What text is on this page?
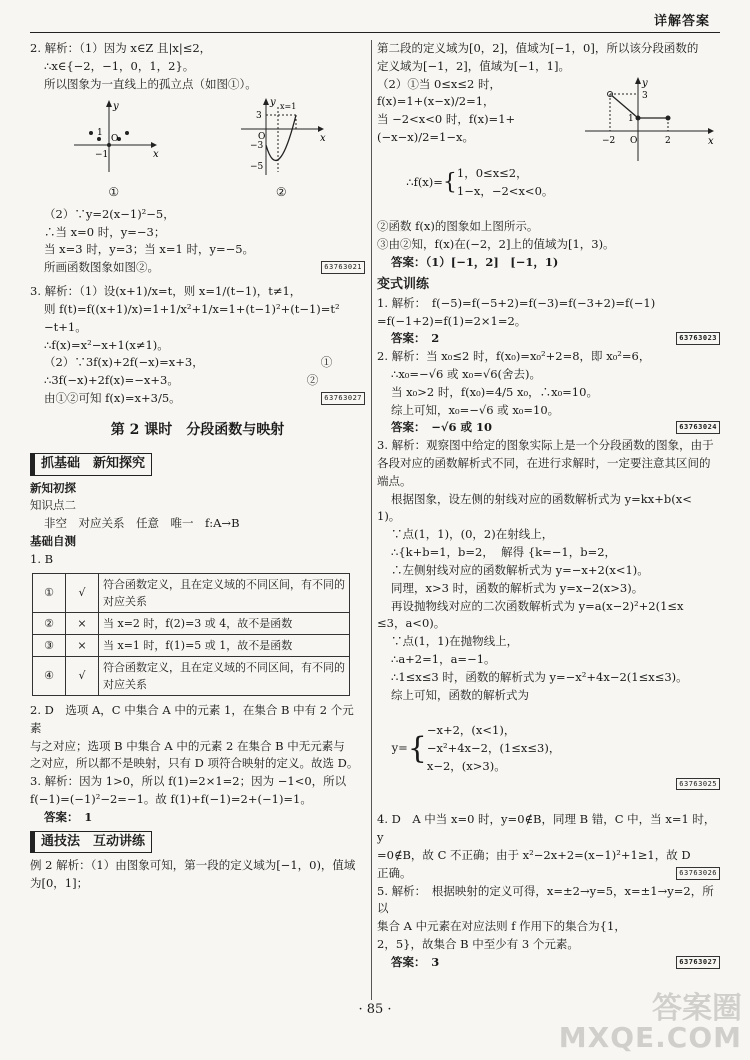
详解答案

2. 解析：（1）因为 x∈Z 且|x|≤2，

∴x∈{−2，−1，0，1，2}。

所以图象为一直线上的孤立点（如图①）。

y
x
O
−1
1
①
y
x
x=1
3
−3
−5
O
②

（2）∵y=2(x−1)²−5，

∴当 x=0 时，y=−3；

当 x=3 时，y=3；当 x=1 时，y=−5。

所画函数图象如图②。	63763021

3. 解析：（1）设(x+1)/x=t，则 x=1/(t−1)，t≠1，

则 f(t)=f((x+1)/x)=1+1/x²+1/x=1+(t−1)²+(t−1)=t²

−t+1。

∴f(x)=x²−x+1(x≠1)。

（2）∵3f(x)+2f(−x)=x+3，                                ①

∴3f(−x)+2f(x)=−x+3。                                   ②

由①②可知 f(x)=x+3/5。	63763027

第 2 课时　分段函数与映射
抓基础　新知探究

新知初探

知识点二

非空　对应关系　任意　唯一　f:A→B

基础自测

1. B

①	√	符合函数定义，且在定义域的不同区间，有不同的对应关系
②	×	当 x=2 时，f(2)=3 或 4，故不是函数
③	×	当 x=1 时，f(1)=5 或 1，故不是函数
④	√	符合函数定义，且在定义域的不同区间，有不同的对应关系

2. D　选项 A，C 中集合 A 中的元素 1，在集合 B 中有 2 个元素

与之对应；选项 B 中集合 A 中的元素 2 在集合 B 中无元素与

之对应，所以都不是映射，只有 D 项符合映射的定义。故选 D。

3. 解析：因为 1>0，所以 f(1)=2×1=2；因为 −1<0，所以

f(−1)=(−1)²−2=−1。故 f(1)+f(−1)=2+(−1)=1。

答案：　1

通技法　互动讲练

例 2 解析：（1）由图象可知，第一段的定义域为[−1，0)，值域

为[0，1]；

第二段的定义域为[0，2]，值域为[−1，0]，所以该分段函数的

定义域为[−1，2]，值域为[−1，1]。

（2）①当 0≤x≤2 时，

f(x)=1+(x−x)/2=1，

当 −2<x<0 时，f(x)=1+

(−x−x)/2=1−x。

∴f(x)={ 1，0≤x≤2，
1−x，−2<x<0。

y
x
3
1
−2 O	2

②函数 f(x)的图象如上图所示。

③由②知，f(x)在(−2，2]上的值域为[1，3)。

答案：（1）[−1，2]　[−1，1)

变式训练

1. 解析：　f(−5)=f(−5+2)=f(−3)=f(−3+2)=f(−1)

=f(−1+2)=f(1)=2×1=2。

答案：　2	63763023

2. 解析：当 x₀≤2 时，f(x₀)=x₀²+2=8，即 x₀²=6，

∴x₀=−√6 或 x₀=√6(舍去)。

当 x₀>2 时，f(x₀)=4/5 x₀，∴x₀=10。

综上可知，x₀=−√6 或 x₀=10。

答案：　−√6 或 10	63763024

3. 解析：观察图中给定的图象实际上是一个分段函数的图象，由于

各段对应的函数解析式不同，在进行求解时，一定要注意其区间的

端点。

根据图象，设左侧的射线对应的函数解析式为 y=kx+b(x<

1)。

∵点(1，1)，(0，2)在射线上，

∴{k+b=1，b=2，  解得 {k=−1，b=2，

∴左侧射线对应的函数解析式为 y=−x+2(x<1)。

同理，x>3 时，函数的解析式为 y=x−2(x>3)。

再设抛物线对应的二次函数解析式为 y=a(x−2)²+2(1≤x

≤3，a<0)。

∵点(1，1)在抛物线上，

∴a+2=1，a=−1。

∴1≤x≤3 时，函数的解析式为 y=−x²+4x−2(1≤x≤3)。

综上可知，函数的解析式为

y={
−x+2，(x<1)，
−x²+4x−2，(1≤x≤3)，
x−2，(x>3)。

63763025

4. D　A 中当 x=0 时，y=0∉B，同理 B 错，C 中，当 x=1 时，y

=0∉B，故 C 不正确；由于 x²−2x+2=(x−1)²+1≥1，故 D

正确。	63763026

5. 解析：　根据映射的定义可得，x=±2→y=5，x=±1→y=2，所以

集合 A 中元素在对应法则 f 作用下的集合为{1，

2，5}，故集合 B 中至少有 3 个元素。

答案：　3	63763027

· 85 ·	答案圈
MXQE.COM
